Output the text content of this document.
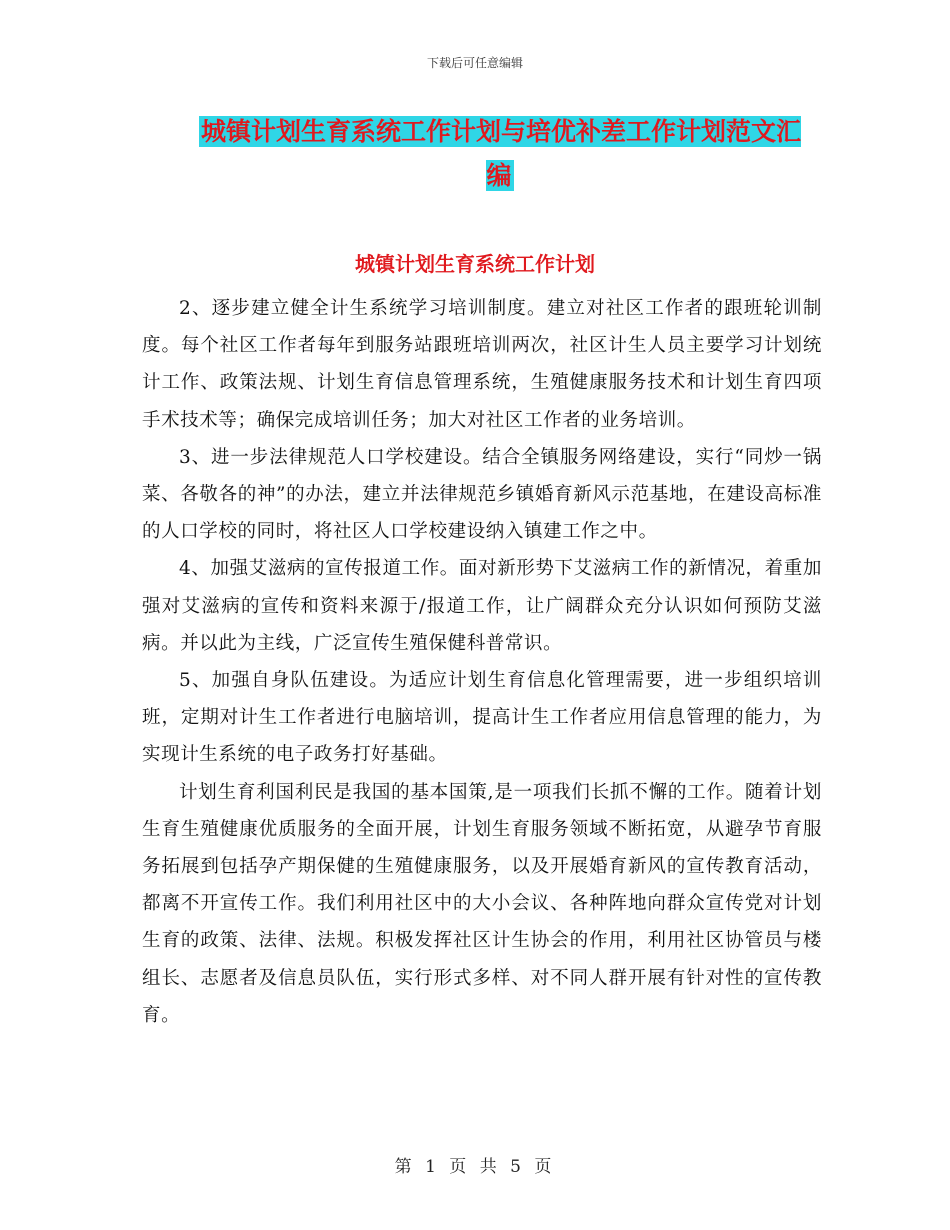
下载后可任意编辑
城镇计划生育系统工作计划与培优补差工作计划范文汇编
城镇计划生育系统工作计划

2、逐步建立健全计生系统学习培训制度。建立对社区工作者的跟班轮训制度。每个社区工作者每年到服务站跟班培训两次，社区计生人员主要学习计划统计工作、政策法规、计划生育信息管理系统，生殖健康服务技术和计划生育四项手术技术等；确保完成培训任务；加大对社区工作者的业务培训。

3、进一步法律规范人口学校建设。结合全镇服务网络建设，实行“同炒一锅菜、各敬各的神”的办法，建立并法律规范乡镇婚育新风示范基地，在建设高标准的人口学校的同时，将社区人口学校建设纳入镇建工作之中。

4、加强艾滋病的宣传报道工作。面对新形势下艾滋病工作的新情况，着重加强对艾滋病的宣传和资料来源于/报道工作，让广阔群众充分认识如何预防艾滋病。并以此为主线，广泛宣传生殖保健科普常识。

5、加强自身队伍建设。为适应计划生育信息化管理需要，进一步组织培训班，定期对计生工作者进行电脑培训，提高计生工作者应用信息管理的能力，为实现计生系统的电子政务打好基础。

计划生育利国利民是我国的基本国策,是一项我们长抓不懈的工作。随着计划生育生殖健康优质服务的全面开展，计划生育服务领域不断拓宽，从避孕节育服务拓展到包括孕产期保健的生殖健康服务，以及开展婚育新风的宣传教育活动，都离不开宣传工作。我们利用社区中的大小会议、各种阵地向群众宣传党对计划生育的政策、法律、法规。积极发挥社区计生协会的作用，利用社区协管员与楼组长、志愿者及信息员队伍，实行形式多样、对不同人群开展有针对性的宣传教育。

第 1 页 共 5 页
